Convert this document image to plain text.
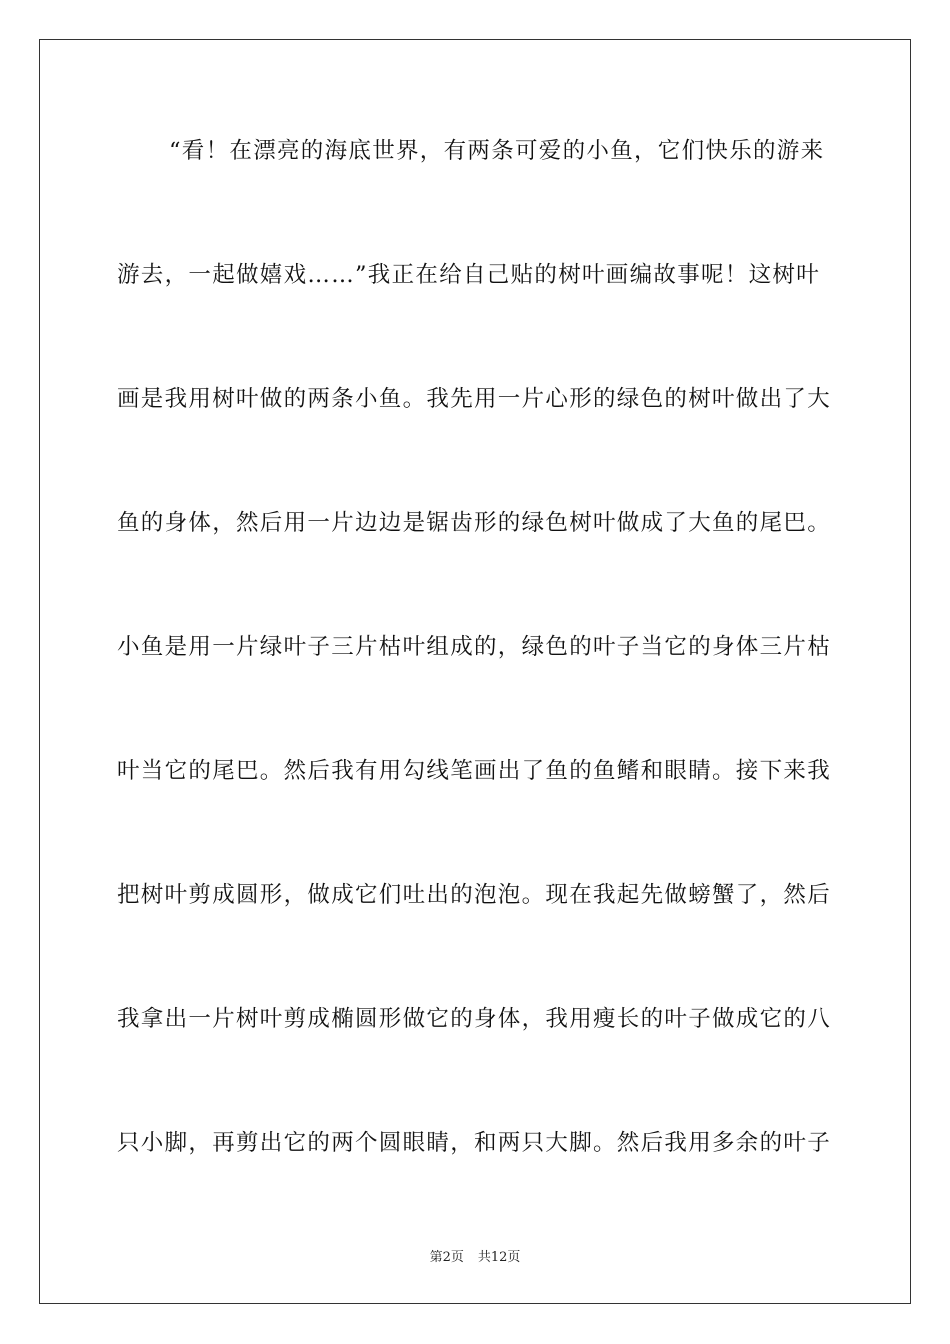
“看！在漂亮的海底世界，有两条可爱的小鱼，它们快乐的游来
游去，一起做嬉戏……”我正在给自己贴的树叶画编故事呢！这树叶
画是我用树叶做的两条小鱼。我先用一片心形的绿色的树叶做出了大
鱼的身体，然后用一片边边是锯齿形的绿色树叶做成了大鱼的尾巴。
小鱼是用一片绿叶子三片枯叶组成的，绿色的叶子当它的身体三片枯
叶当它的尾巴。然后我有用勾线笔画出了鱼的鱼鳍和眼睛。接下来我
把树叶剪成圆形，做成它们吐出的泡泡。现在我起先做螃蟹了，然后
我拿出一片树叶剪成椭圆形做它的身体，我用瘦长的叶子做成它的八
只小脚，再剪出它的两个圆眼睛，和两只大脚。然后我用多余的叶子
第2页 共12页
